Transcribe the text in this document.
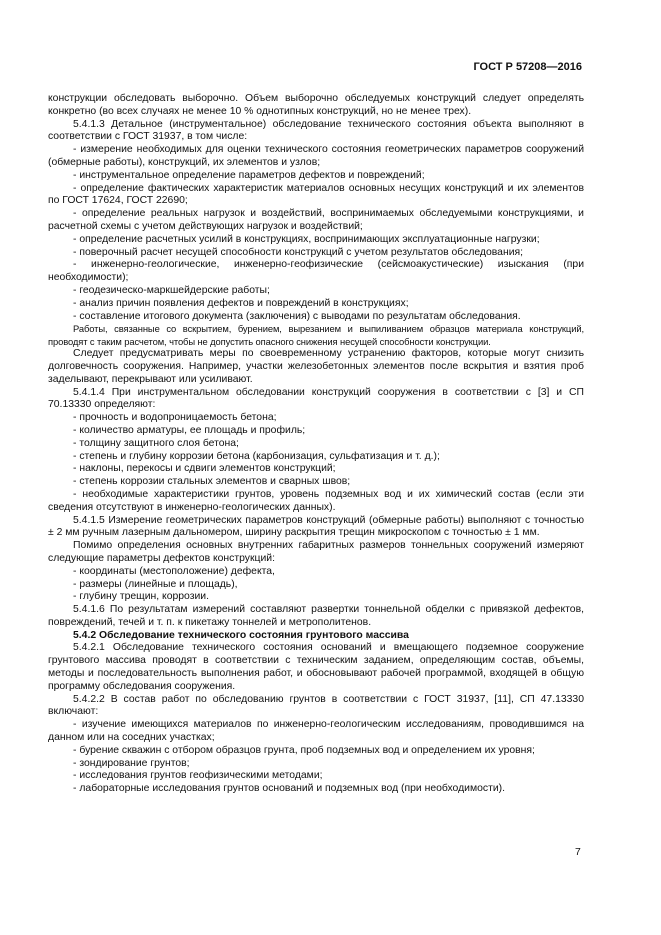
ГОСТ Р 57208—2016

конструкции обследовать выборочно. Объем выборочно обследуемых конструкций следует определять конкретно (во всех случаях не менее 10 % однотипных конструкций, но не менее трех).

5.4.1.3 Детальное (инструментальное) обследование технического состояния объекта выполняют в соответствии с ГОСТ 31937, в том числе:

- измерение необходимых для оценки технического состояния геометрических параметров сооружений (обмерные работы), конструкций, их элементов и узлов;

- инструментальное определение параметров дефектов и повреждений;

- определение фактических характеристик материалов основных несущих конструкций и их элементов по ГОСТ 17624, ГОСТ 22690;

- определение реальных нагрузок и воздействий, воспринимаемых обследуемыми конструкциями, и расчетной схемы с учетом действующих нагрузок и воздействий;

- определение расчетных усилий в конструкциях, воспринимающих эксплуатационные нагрузки;

- поверочный расчет несущей способности конструкций с учетом результатов обследования;

- инженерно-геологические, инженерно-геофизические (сейсмоакустические) изыскания (при необходимости);

- геодезическо-маркшейдерские работы;

- анализ причин появления дефектов и повреждений в конструкциях;

- составление итогового документа (заключения) с выводами по результатам обследования.

Работы, связанные со вскрытием, бурением, вырезанием и выпиливанием образцов материала конструкций, проводят с таким расчетом, чтобы не допустить опасного снижения несущей способности конструкции.

Следует предусматривать меры по своевременному устранению факторов, которые могут снизить долговечность сооружения. Например, участки железобетонных элементов после вскрытия и взятия проб заделывают, перекрывают или усиливают.

5.4.1.4 При инструментальном обследовании конструкций сооружения в соответствии с [3] и СП 70.13330 определяют:

- прочность и водопроницаемость бетона;

- количество арматуры, ее площадь и профиль;

- толщину защитного слоя бетона;

- степень и глубину коррозии бетона (карбонизация, сульфатизация и т. д.);

- наклоны, перекосы и сдвиги элементов конструкций;

- степень коррозии стальных элементов и сварных швов;

- необходимые характеристики грунтов, уровень подземных вод и их химический состав (если эти сведения отсутствуют в инженерно-геологических данных).

5.4.1.5 Измерение геометрических параметров конструкций (обмерные работы) выполняют с точностью ± 2 мм ручным лазерным дальномером, ширину раскрытия трещин микроскопом с точностью ± 1 мм.

Помимо определения основных внутренних габаритных размеров тоннельных сооружений измеряют следующие параметры дефектов конструкций:

- координаты (местоположение) дефекта,

- размеры (линейные и площадь),

- глубину трещин, коррозии.

5.4.1.6 По результатам измерений составляют развертки тоннельной обделки с привязкой дефектов, повреждений, течей и т. п. к пикетажу тоннелей и метрополитенов.

5.4.2 Обследование технического состояния грунтового массива

5.4.2.1 Обследование технического состояния оснований и вмещающего подземное сооружение грунтового массива проводят в соответствии с техническим заданием, определяющим состав, объемы, методы и последовательность выполнения работ, и обосновывают рабочей программой, входящей в общую программу обследования сооружения.

5.4.2.2 В состав работ по обследованию грунтов в соответствии с ГОСТ 31937, [11], СП 47.13330 включают:

- изучение имеющихся материалов по инженерно-геологическим исследованиям, проводившимся на данном или на соседних участках;

- бурение скважин с отбором образцов грунта, проб подземных вод и определением их уровня;

- зондирование грунтов;

- исследования грунтов геофизическими методами;

- лабораторные исследования грунтов оснований и подземных вод (при необходимости).

7
